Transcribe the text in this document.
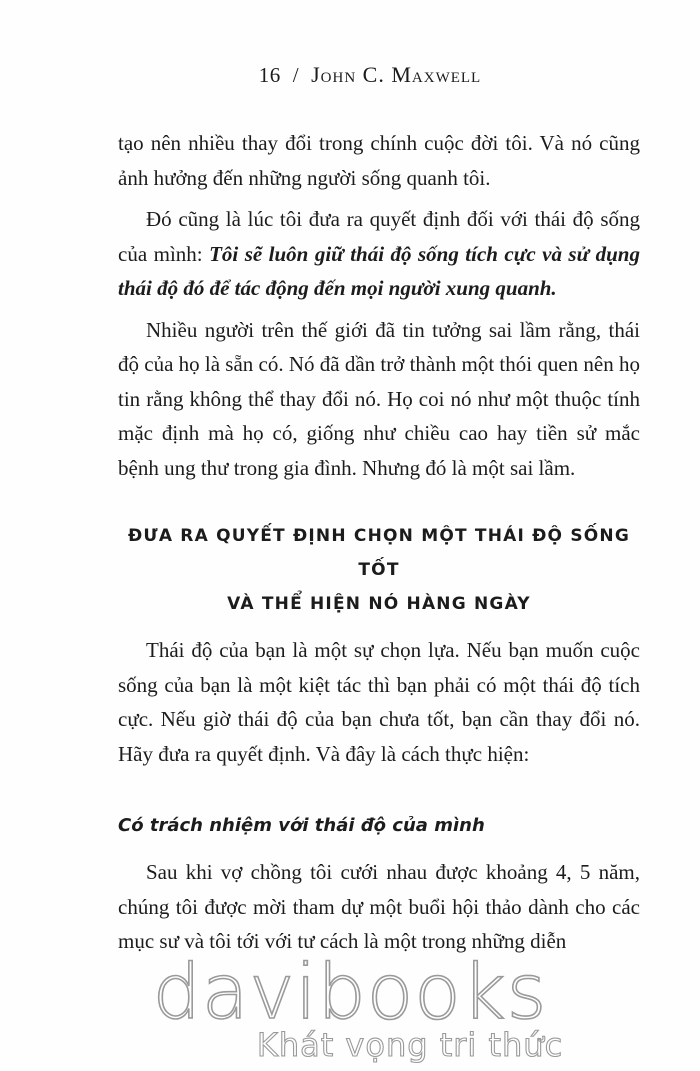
16 / John C. Maxwell

tạo nên nhiều thay đổi trong chính cuộc đời tôi. Và nó cũng ảnh hưởng đến những người sống quanh tôi.

Đó cũng là lúc tôi đưa ra quyết định đối với thái độ sống của mình: Tôi sẽ luôn giữ thái độ sống tích cực và sử dụng thái độ đó để tác động đến mọi người xung quanh.

Nhiều người trên thế giới đã tin tưởng sai lầm rằng, thái độ của họ là sẵn có. Nó đã dần trở thành một thói quen nên họ tin rằng không thể thay đổi nó. Họ coi nó như một thuộc tính mặc định mà họ có, giống như chiều cao hay tiền sử mắc bệnh ung thư trong gia đình. Nhưng đó là một sai lầm.

ĐƯA RA QUYẾT ĐỊNH CHỌN MỘT THÁI ĐỘ SỐNG TỐT
VÀ THỂ HIỆN NÓ HÀNG NGÀY

Thái độ của bạn là một sự chọn lựa. Nếu bạn muốn cuộc sống của bạn là một kiệt tác thì bạn phải có một thái độ tích cực. Nếu giờ thái độ của bạn chưa tốt, bạn cần thay đổi nó. Hãy đưa ra quyết định. Và đây là cách thực hiện:

Có trách nhiệm với thái độ của mình

Sau khi vợ chồng tôi cưới nhau được khoảng 4, 5 năm, chúng tôi được mời tham dự một buổi hội thảo dành cho các mục sư và tôi tới với tư cách là một trong những diễn

davibooks
Khát vọng tri thức
